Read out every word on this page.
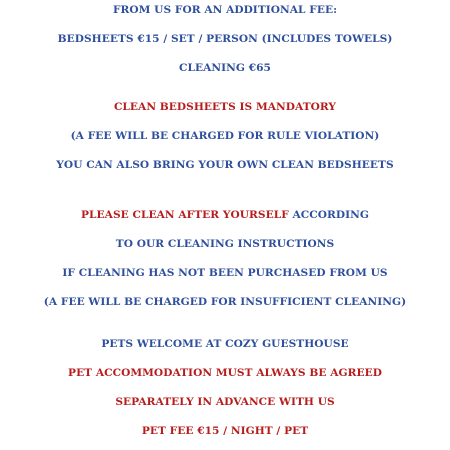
FROM US FOR AN ADDITIONAL FEE:
BEDSHEETS €15 / SET / PERSON (INCLUDES TOWELS)
CLEANING €65
CLEAN BEDSHEETS IS MANDATORY
(A FEE WILL BE CHARGED FOR RULE VIOLATION)
YOU CAN ALSO BRING YOUR OWN CLEAN BEDSHEETS
PLEASE CLEAN AFTER YOURSELF ACCORDING
TO OUR CLEANING INSTRUCTIONS
IF CLEANING HAS NOT BEEN PURCHASED FROM US
(A FEE WILL BE CHARGED FOR INSUFFICIENT CLEANING)
PETS WELCOME AT COZY GUESTHOUSE
PET ACCOMMODATION MUST ALWAYS BE AGREED
SEPARATELY IN ADVANCE WITH US
PET FEE €15 / NIGHT / PET
